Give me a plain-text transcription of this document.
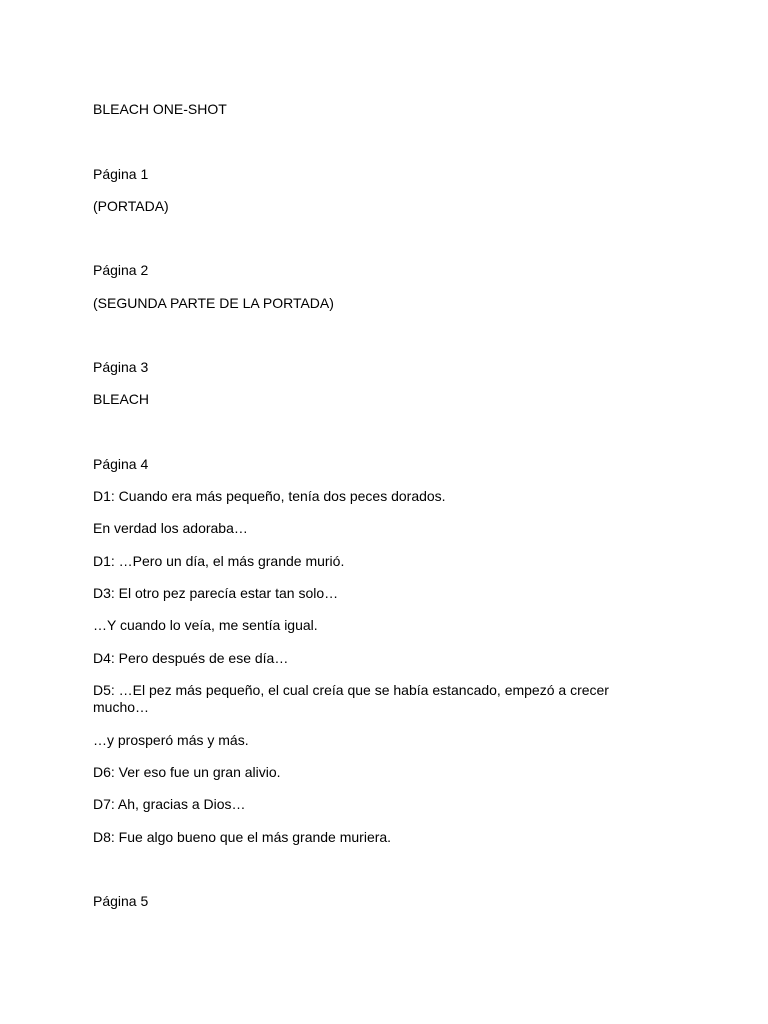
BLEACH ONE-SHOT

Página 1

(PORTADA)

Página 2

(SEGUNDA PARTE DE LA PORTADA)

Página 3

BLEACH

Página 4

D1: Cuando era más pequeño, tenía dos peces dorados.

En verdad los adoraba…

D1: …Pero un día, el más grande murió.

D3: El otro pez parecía estar tan solo…

…Y cuando lo veía, me sentía igual.

D4: Pero después de ese día…

D5: …El pez más pequeño, el cual creía que se había estancado, empezó a crecer mucho…

…y prosperó más y más.

D6: Ver eso fue un gran alivio.

D7: Ah, gracias a Dios…

D8: Fue algo bueno que el más grande muriera.

Página 5
